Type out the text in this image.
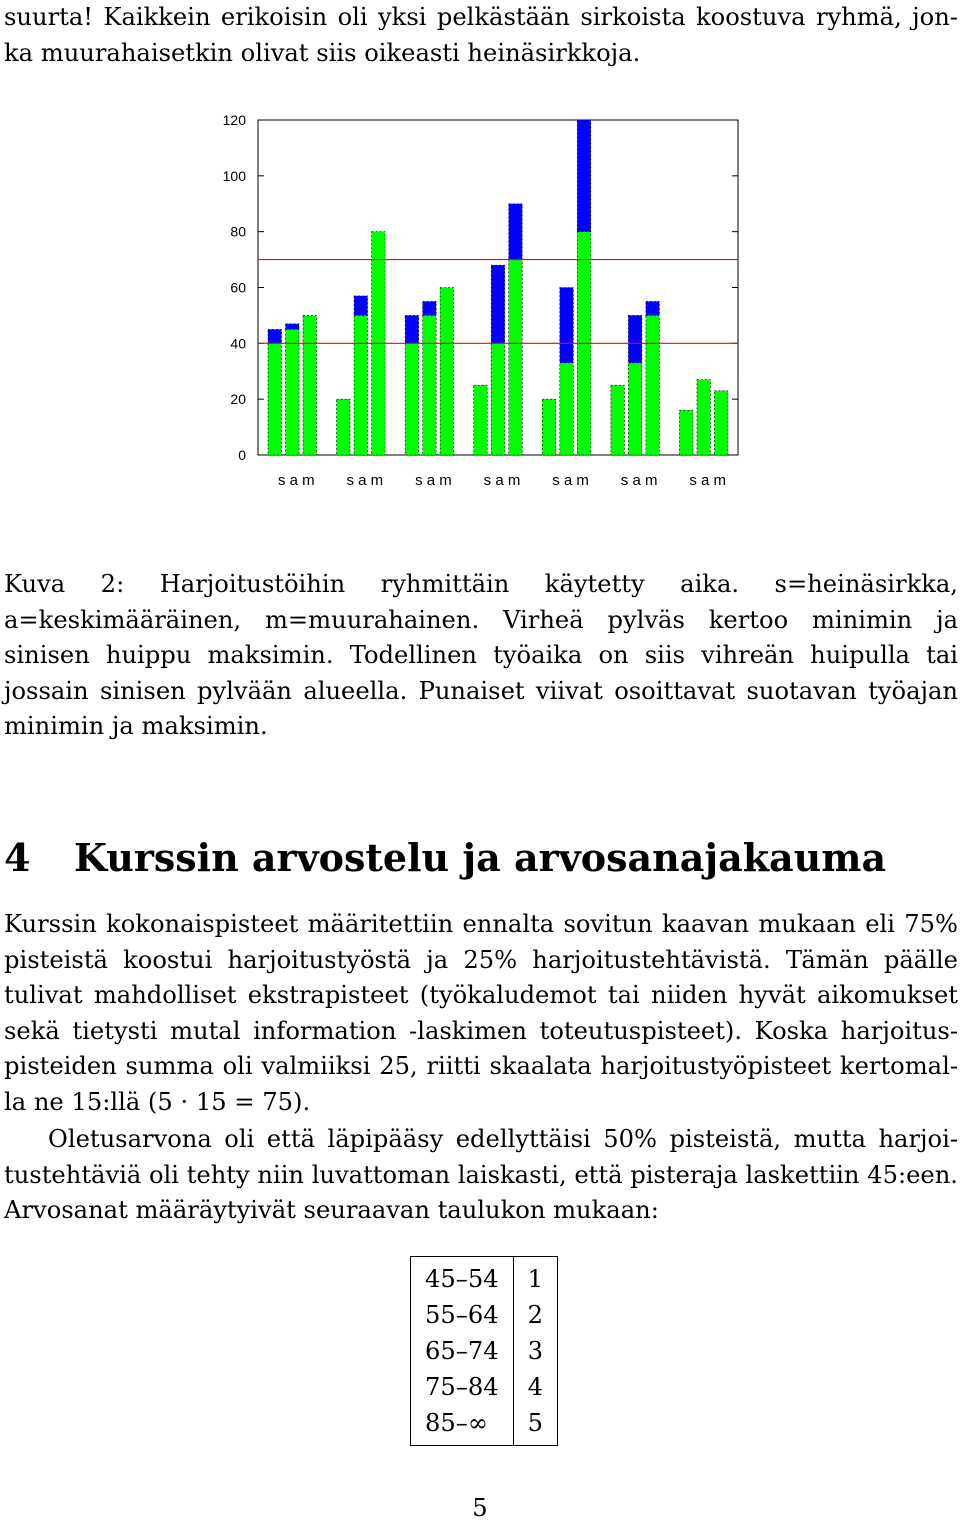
suurta! Kaikkein erikoisin oli yksi pelkästään sirkoista koostuva ryhmä, jon-
ka muurahaisetkin olivat siis oikeasti heinäsirkkoja.
0
20
40
60
80
100
120
s a m s a m s a m s a m s a m s a m s a m
Kuva 2: Harjoitustöihin ryhmittäin käytetty aika. s=heinäsirkka,
a=keskimääräinen, m=muurahainen. Virheä pylväs kertoo minimin ja
sinisen huippu maksimin. Todellinen työaika on siis vihreän huipulla tai
jossain sinisen pylvään alueella. Punaiset viivat osoittavat suotavan työajan
minimin ja maksimin.
4 Kurssin arvostelu ja arvosanajakauma
Kurssin kokonaispisteet määritettiin ennalta sovitun kaavan mukaan eli 75%
pisteistä koostui harjoitustyöstä ja 25% harjoitustehtävistä. Tämän päälle
tulivat mahdolliset ekstrapisteet (työkaludemot tai niiden hyvät aikomukset
sekä tietysti mutal information -laskimen toteutuspisteet). Koska harjoitus-
pisteiden summa oli valmiiksi 25, riitti skaalata harjoitustyöpisteet kertomal-
la ne 15:llä (5 · 15 = 75).
Oletusarvona oli että läpipääsy edellyttäisi 50% pisteistä, mutta harjoi-
tustehtäviä oli tehty niin luvattoman laiskasti, että pisteraja laskettiin 45:een.
Arvosanat määräytyivät seuraavan taulukon mukaan:
45–54	1
55–64	2
65–74	3
75–84	4
85–∞	5
5
